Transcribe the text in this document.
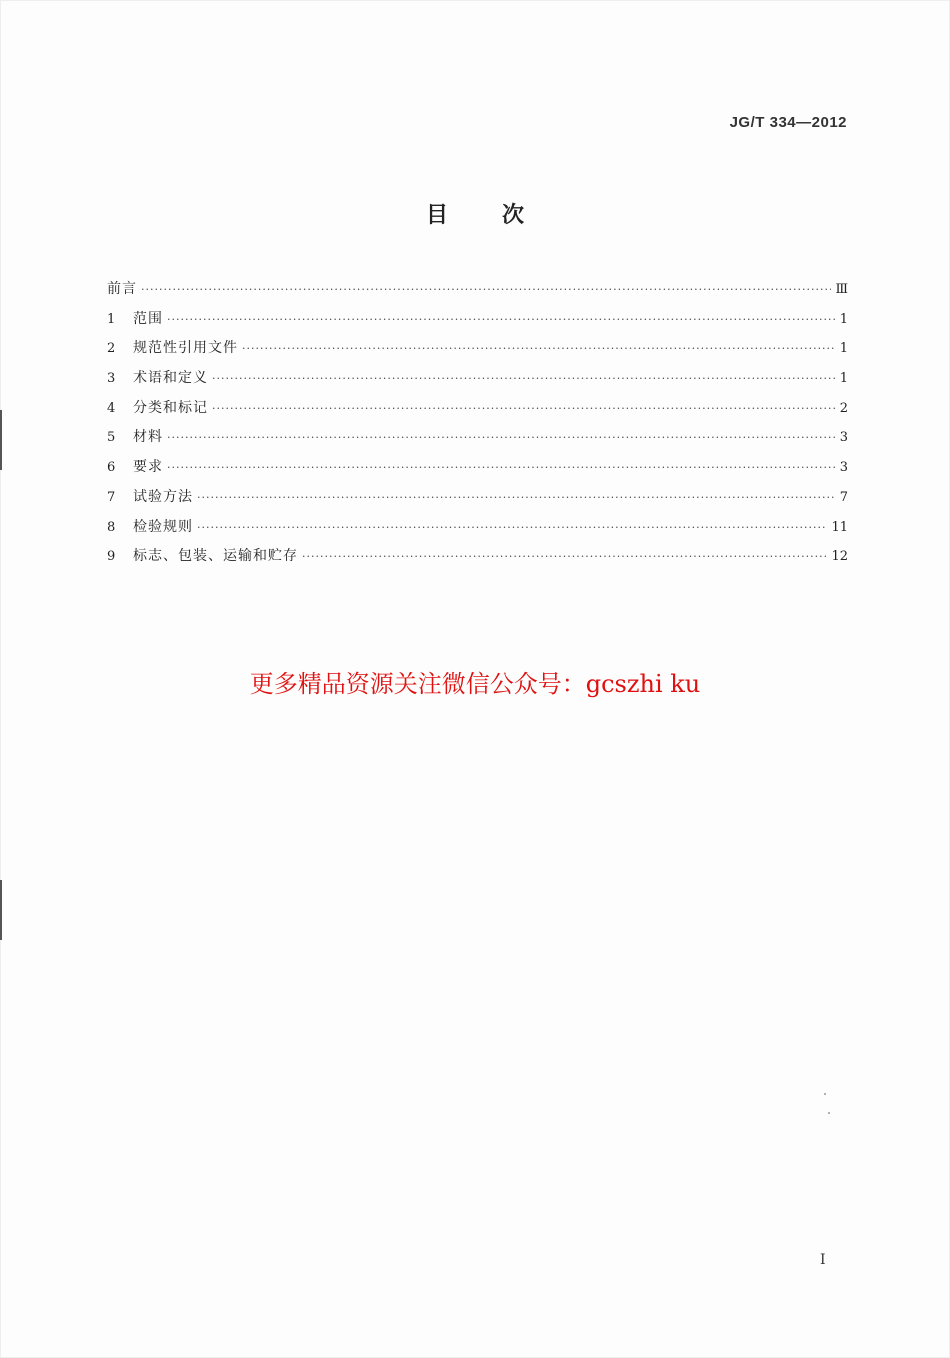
JG/T 334—2012
目 次
前言 ·····	Ⅲ
1	范围 ·····	1
2	规范性引用文件 ·····	1
3	术语和定义 ·····	1
4	分类和标记 ·····	2
5	材料 ·····	3
6	要求 ·····	3
7	试验方法 ·····	7
8	检验规则 ·····	11
9	标志、包装、运输和贮存 ·····	12
更多精品资源关注微信公众号：gcszhi ku
I
